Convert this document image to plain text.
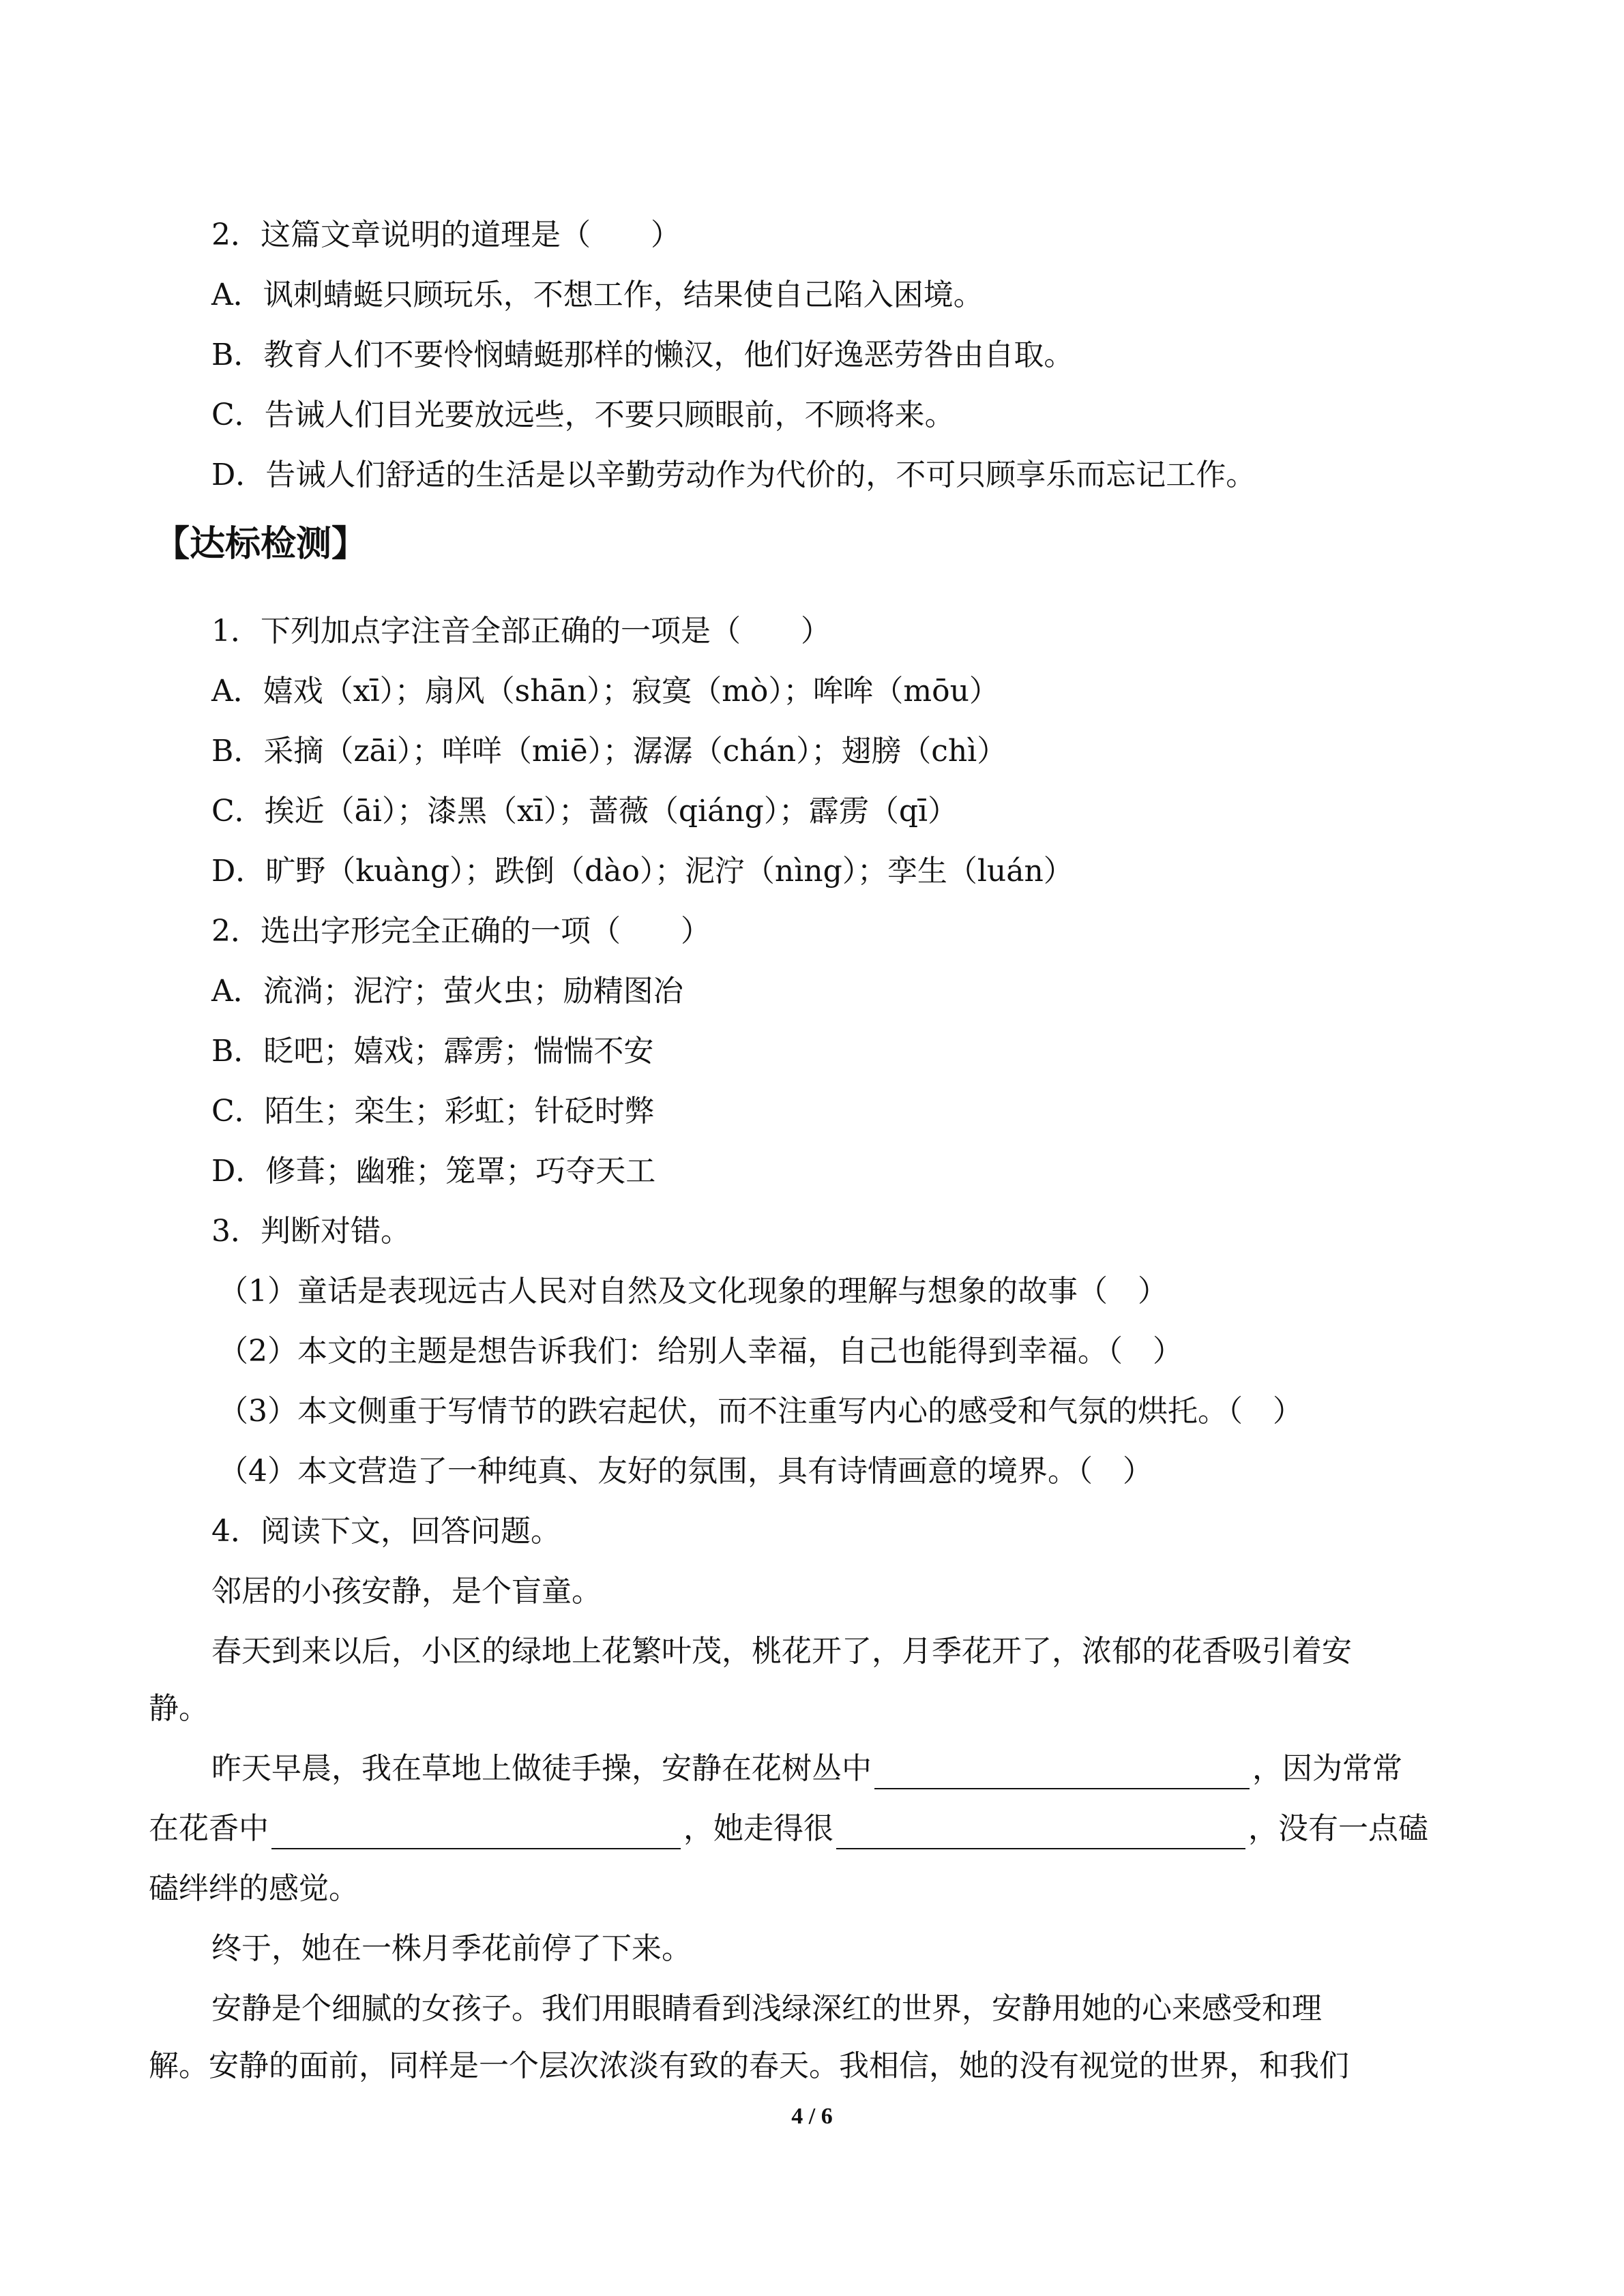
2．这篇文章说明的道理是（　　）
A．讽刺蜻蜓只顾玩乐，不想工作，结果使自己陷入困境。
B．教育人们不要怜悯蜻蜓那样的懒汉，他们好逸恶劳咎由自取。
C．告诫人们目光要放远些，不要只顾眼前，不顾将来。
D．告诫人们舒适的生活是以辛勤劳动作为代价的，不可只顾享乐而忘记工作。
【达标检测】
1．下列加点字注音全部正确的一项是（　　）
A．嬉戏（xī）；扇风（shān）；寂寞（mò）；哞哞（mōu）
B．采摘（zāi）；咩咩（miē）；潺潺（chán）；翅膀（chì）
C．挨近（āi）；漆黑（xī）；蔷薇（qiáng）；霹雳（qī）
D．旷野（kuàng）；跌倒（dào）；泥泞（nìng）；孪生（luán）
2．选出字形完全正确的一项（　　）
A．流淌；泥泞；萤火虫；励精图冶
B．眨吧；嬉戏；霹雳；惴惴不安
C．陌生；栾生；彩虹；针砭时弊
D．修葺；幽雅；笼罩；巧夺天工
3．判断对错。
（1）童话是表现远古人民对自然及文化现象的理解与想象的故事（　）
（2）本文的主题是想告诉我们：给别人幸福，自己也能得到幸福。（　）
（3）本文侧重于写情节的跌宕起伏，而不注重写内心的感受和气氛的烘托。（　）
（4）本文营造了一种纯真、友好的氛围，具有诗情画意的境界。（　）
4．阅读下文，回答问题。
邻居的小孩安静，是个盲童。
春天到来以后，小区的绿地上花繁叶茂，桃花开了，月季花开了，浓郁的花香吸引着安
静。
昨天早晨，我在草地上做徒手操，安静在花树丛中	，因为常常
在花香中	，她走得很	，没有一点磕
磕绊绊的感觉。
终于，她在一株月季花前停了下来。
安静是个细腻的女孩子。我们用眼睛看到浅绿深红的世界，安静用她的心来感受和理
解。安静的面前，同样是一个层次浓淡有致的春天。我相信，她的没有视觉的世界，和我们
4 / 6
